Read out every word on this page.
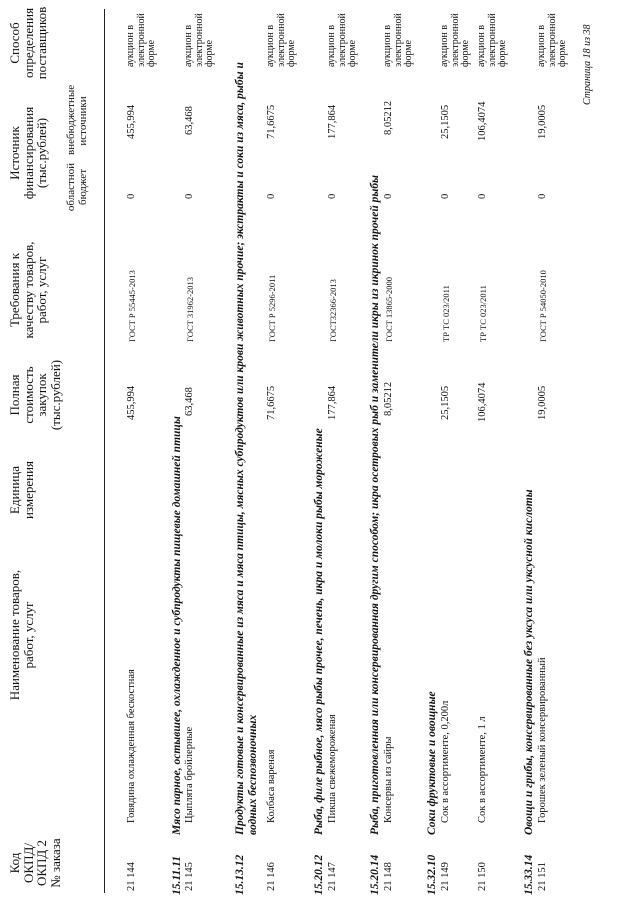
Код
ОКПД/
ОКПД 2
№ заказа
Наименование товаров,
работ, услуг
Единица
измерения
Полная
стоимость
закупок
(тыс.рублей)
Требования к
качеству товаров,
работ, услуг
Источник
финансирования
(тыс.рублей) областной бюджет
внебюджетные источники
Способ
определения
поставщиков
21 144
Говядина охлажденная бескостная
455,994
ГОСТ Р 55445-2013
0
455,994
аукцион в электронной форме
15.11.11
Мясо парное, остывшее, охлажденное и субпродукты пищевые домашней птицы
21 145
Цыплята бройлерные
63,468
ГОСТ 31962-2013
0
63,468
аукцион в электронной форме
15.13.12
Продукты готовые и консервированные из мяса и мяса птицы, мясных субпродуктов или крови животных прочие; экстракты и соки из мяса, рыбы и водных беспозвоночных
21 146
Колбаса вареная
71,6675
ГОСТ Р 5296-2011
0
71,6675
аукцион в электронной форме
15.20.12
Рыба, филе рыбное, мясо рыбы прочее, печень, икра и молоки рыбы мороженые
21 147
Пикша свежемороженая
177,864
ГОСТ32366-2013
0
177,864
аукцион в электронной форме
15.20.14
Рыба, приготовленная или консервированная другим способом; икра осетровых рыб и заменители икры из икринок прочей рыбы
21 148
Консервы из сайры
8,05212
ГОСТ 13865-2000
0
8,05212
аукцион в электронной форме
15.32.10
Соки фруктовые и овощные
21 149
Сок в ассортименте, 0,200л
25,1505
ТР ТС 023/2011
0
25,1505
аукцион в электронной форме
21 150
Сок в ассортименте, 1 л
106,4074
ТР ТС 023/2011
0
106,4074
аукцион в электронной форме
15.33.14
Овощи и грибы, консервированные без уксуса или уксусной кислоты
21 151
Горошек зеленый консервированный
19,0005
ГОСТ Р 54050-2010
0
19,0005
аукцион в электронной форме Страница 18 из 38
